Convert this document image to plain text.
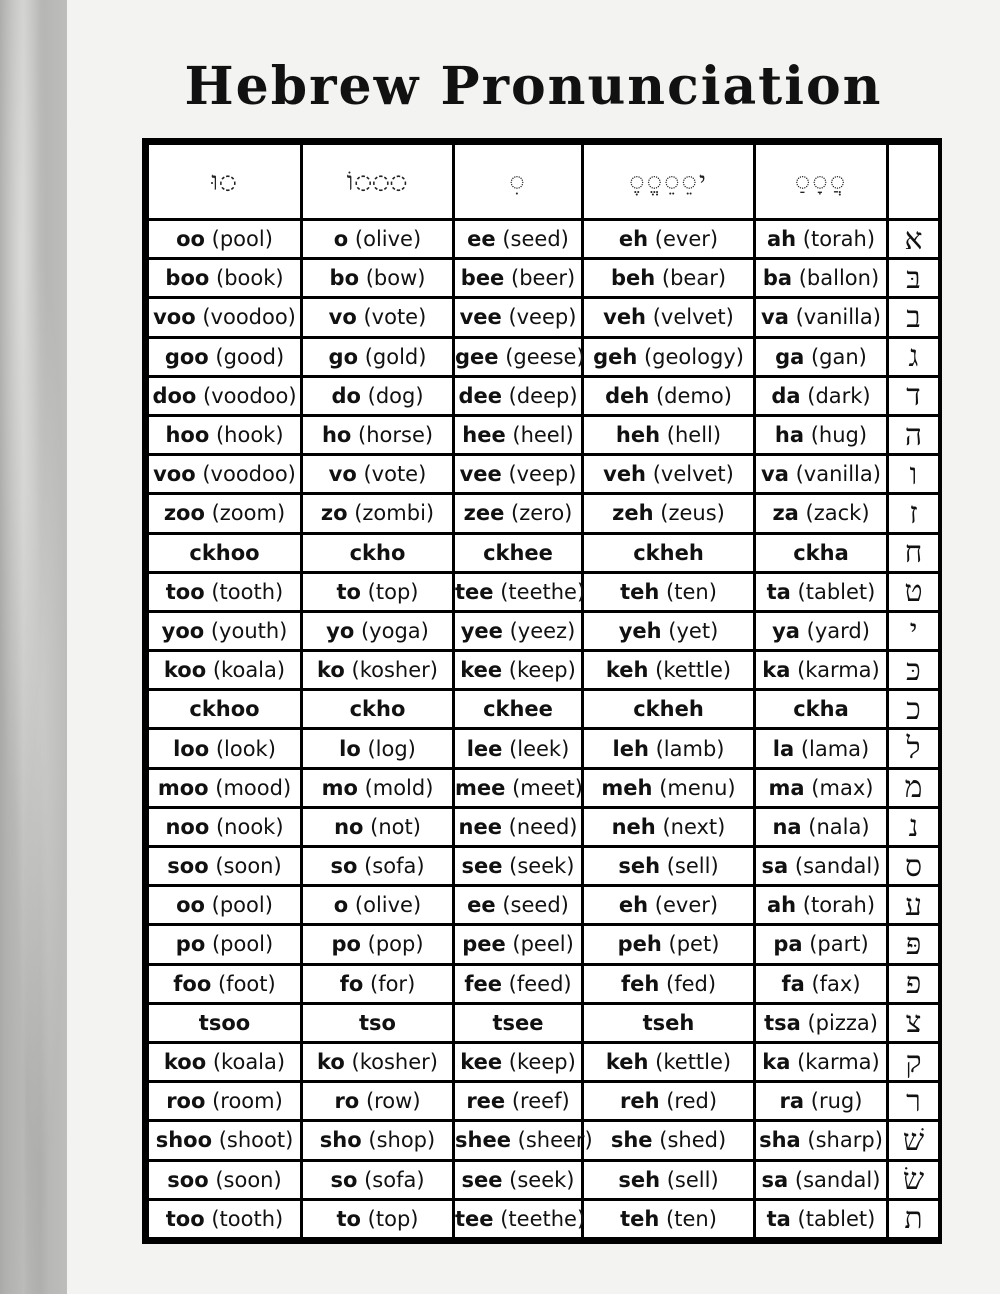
Hebrew Pronunciation
וּ◌	וֹ◌◌◌	◌ִ	◌ֶ◌ֱ◌ֵ◌ֵי	◌ַ◌ָ◌ֲ	
oo (pool)	o (olive)	ee (seed)	eh (ever)	ah (torah)	א
boo (book)	bo (bow)	bee (beer)	beh (bear)	ba (ballon)	בּ
voo (voodoo)	vo (vote)	vee (veep)	veh (velvet)	va (vanilla)	ב
goo (good)	go (gold)	gee (geese)	geh (geology)	ga (gan)	ג
doo (voodoo)	do (dog)	dee (deep)	deh (demo)	da (dark)	ד
hoo (hook)	ho (horse)	hee (heel)	heh (hell)	ha (hug)	ה
voo (voodoo)	vo (vote)	vee (veep)	veh (velvet)	va (vanilla)	ו
zoo (zoom)	zo (zombi)	zee (zero)	zeh (zeus)	za (zack)	ז
ckhoo	ckho	ckhee	ckheh	ckha	ח
too (tooth)	to (top)	tee (teethe)	teh (ten)	ta (tablet)	ט
yoo (youth)	yo (yoga)	yee (yeez)	yeh (yet)	ya (yard)	י
koo (koala)	ko (kosher)	kee (keep)	keh (kettle)	ka (karma)	כּ
ckhoo	ckho	ckhee	ckheh	ckha	כ
loo (look)	lo (log)	lee (leek)	leh (lamb)	la (lama)	ל
moo (mood)	mo (mold)	mee (meet)	meh (menu)	ma (max)	מ
noo (nook)	no (not)	nee (need)	neh (next)	na (nala)	נ
soo (soon)	so (sofa)	see (seek)	seh (sell)	sa (sandal)	ס
oo (pool)	o (olive)	ee (seed)	eh (ever)	ah (torah)	ע
po (pool)	po (pop)	pee (peel)	peh (pet)	pa (part)	פּ
foo (foot)	fo (for)	fee (feed)	feh (fed)	fa (fax)	פ
tsoo	tso	tsee	tseh	tsa (pizza)	צ
koo (koala)	ko (kosher)	kee (keep)	keh (kettle)	ka (karma)	ק
roo (room)	ro (row)	ree (reef)	reh (red)	ra (rug)	ר
shoo (shoot)	sho (shop)	shee (sheer)	she (shed)	sha (sharp)	שׁ
soo (soon)	so (sofa)	see (seek)	seh (sell)	sa (sandal)	שׂ
too (tooth)	to (top)	tee (teethe)	teh (ten)	ta (tablet)	ת
